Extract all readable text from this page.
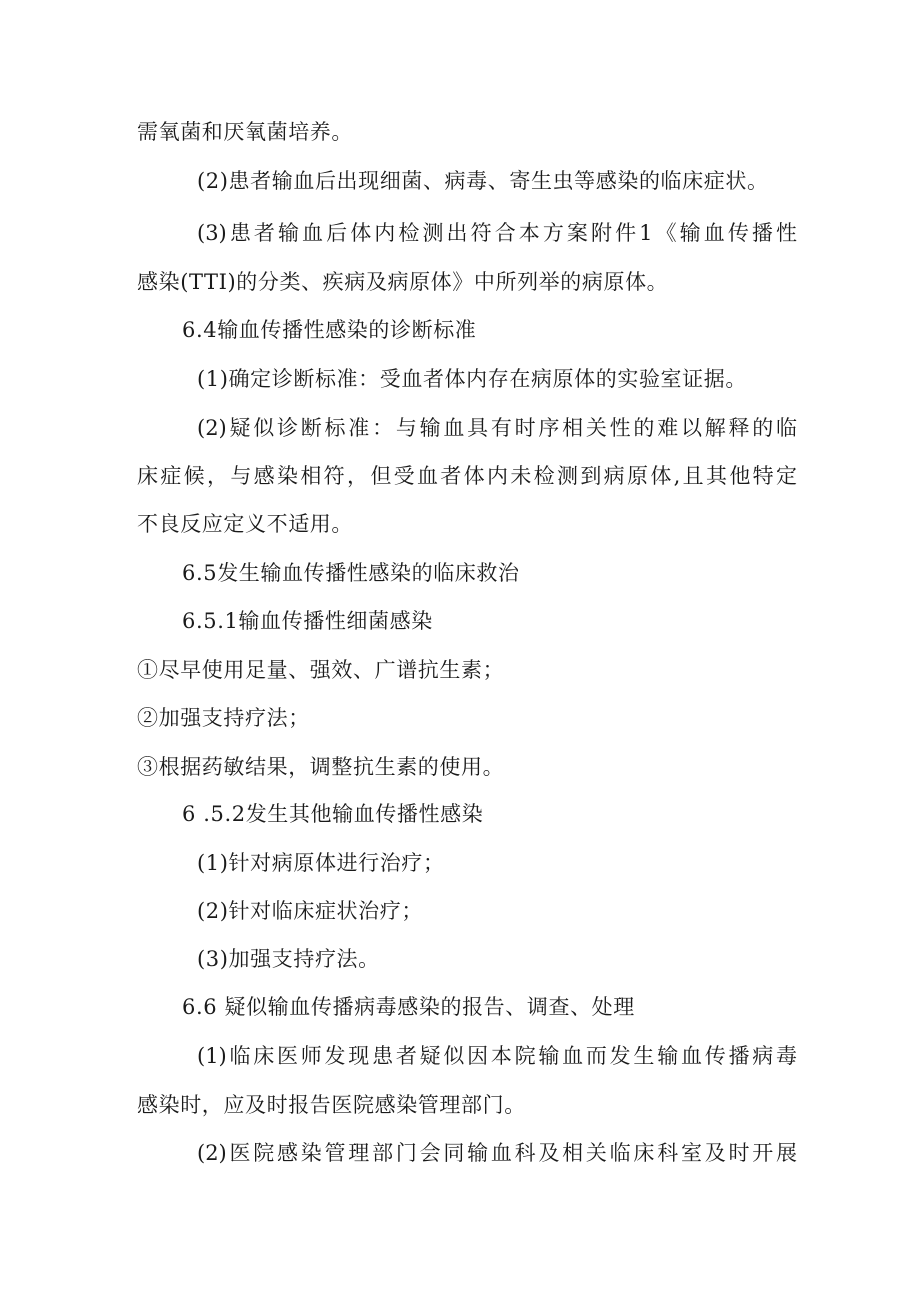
需氧菌和厌氧菌培养。
(2)患者输血后出现细菌、病毒、寄生虫等感染的临床症状。
(3)患者输血后体内检测出符合本方案附件1《输血传播性
感染(TTI)的分类、疾病及病原体》中所列举的病原体。
6.4输血传播性感染的诊断标准
(1)确定诊断标准：受血者体内存在病原体的实验室证据。
(2)疑似诊断标准：与输血具有时序相关性的难以解释的临
床症候，与感染相符，但受血者体内未检测到病原体,且其他特定
不良反应定义不适用。
6.5发生输血传播性感染的临床救治
6.5.1输血传播性细菌感染
①尽早使用足量、强效、广谱抗生素；
②加强支持疗法；
③根据药敏结果，调整抗生素的使用。
6 .5.2发生其他输血传播性感染
(1)针对病原体进行治疗；
(2)针对临床症状治疗；
(3)加强支持疗法。
6.6 疑似输血传播病毒感染的报告、调查、处理
(1)临床医师发现患者疑似因本院输血而发生输血传播病毒
感染时，应及时报告医院感染管理部门。
(2)医院感染管理部门会同输血科及相关临床科室及时开展
